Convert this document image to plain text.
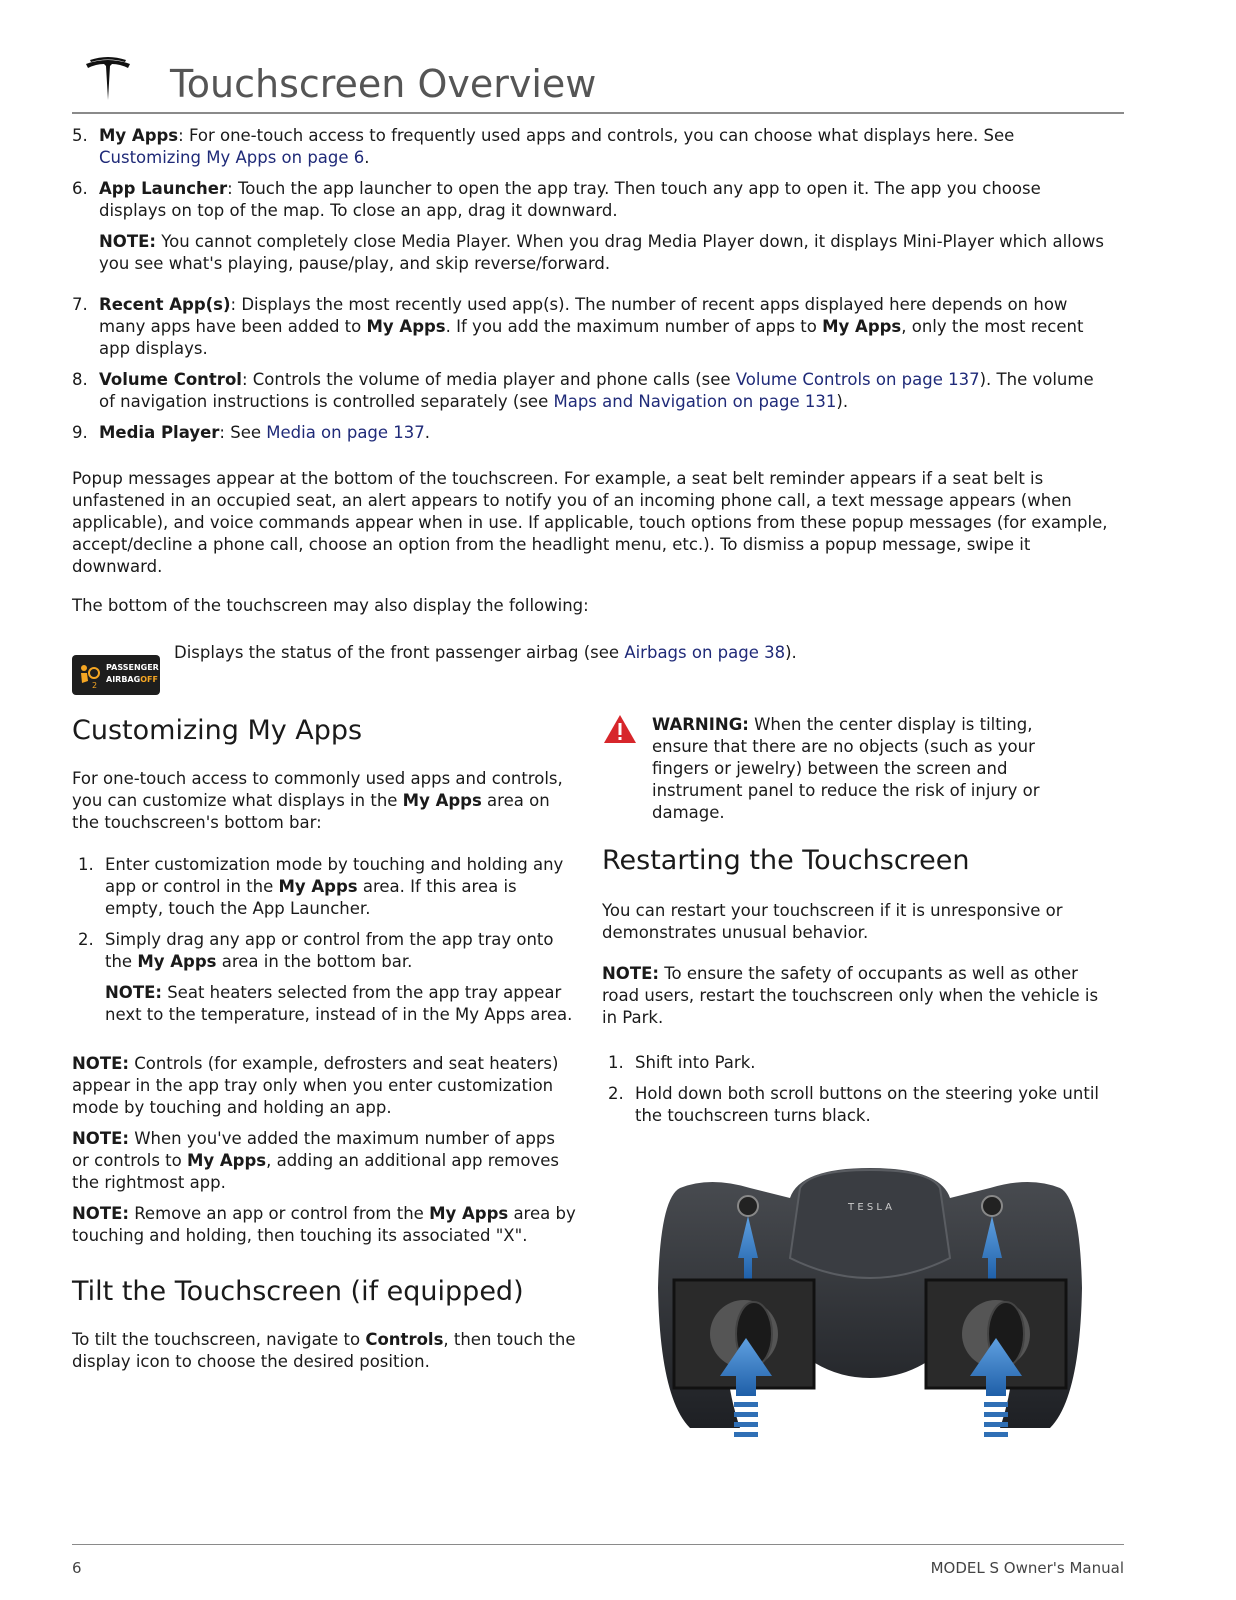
Touchscreen Overview
5. My Apps: For one-touch access to frequently used apps and controls, you can choose what displays here. See Customizing My Apps on page 6.
6. App Launcher: Touch the app launcher to open the app tray. Then touch any app to open it. The app you choose displays on top of the map. To close an app, drag it downward.
NOTE: You cannot completely close Media Player. When you drag Media Player down, it displays Mini-Player which allows you see what's playing, pause/play, and skip reverse/forward.
7. Recent App(s): Displays the most recently used app(s). The number of recent apps displayed here depends on how many apps have been added to My Apps. If you add the maximum number of apps to My Apps, only the most recent app displays.
8. Volume Control: Controls the volume of media player and phone calls (see Volume Controls on page 137). The volume of navigation instructions is controlled separately (see Maps and Navigation on page 131).
9. Media Player: See Media on page 137.

Popup messages appear at the bottom of the touchscreen. For example, a seat belt reminder appears if a seat belt is unfastened in an occupied seat, an alert appears to notify you of an incoming phone call, a text message appears (when applicable), and voice commands appear when in use. If applicable, touch options from these popup messages (for example, accept/decline a phone call, choose an option from the headlight menu, etc.). To dismiss a popup message, swipe it downward.

The bottom of the touchscreen may also display the following:

2
PASSENGER
AIRBAGOFF

Displays the status of the front passenger airbag (see Airbags on page 38).

Customizing My Apps

For one-touch access to commonly used apps and controls, you can customize what displays in the My Apps area on the touchscreen's bottom bar:

1. Enter customization mode by touching and holding any app or control in the My Apps area. If this area is empty, touch the App Launcher.
2. Simply drag any app or control from the app tray onto the My Apps area in the bottom bar.
NOTE: Seat heaters selected from the app tray appear next to the temperature, instead of in the My Apps area.

NOTE: Controls (for example, defrosters and seat heaters) appear in the app tray only when you enter customization mode by touching and holding an app.

NOTE: When you've added the maximum number of apps or controls to My Apps, adding an additional app removes the rightmost app.

NOTE: Remove an app or control from the My Apps area by touching and holding, then touching its associated "X".

Tilt the Touchscreen (if equipped)

To tilt the touchscreen, navigate to Controls, then touch the display icon to choose the desired position.

WARNING: When the center display is tilting, ensure that there are no objects (such as your fingers or jewelry) between the screen and instrument panel to reduce the risk of injury or damage.

Restarting the Touchscreen

You can restart your touchscreen if it is unresponsive or demonstrates unusual behavior.

NOTE: To ensure the safety of occupants as well as other road users, restart the touchscreen only when the vehicle is in Park.

1. Shift into Park.
2. Hold down both scroll buttons on the steering yoke until the touchscreen turns black.
T E S L A
6	MODEL S Owner's Manual
